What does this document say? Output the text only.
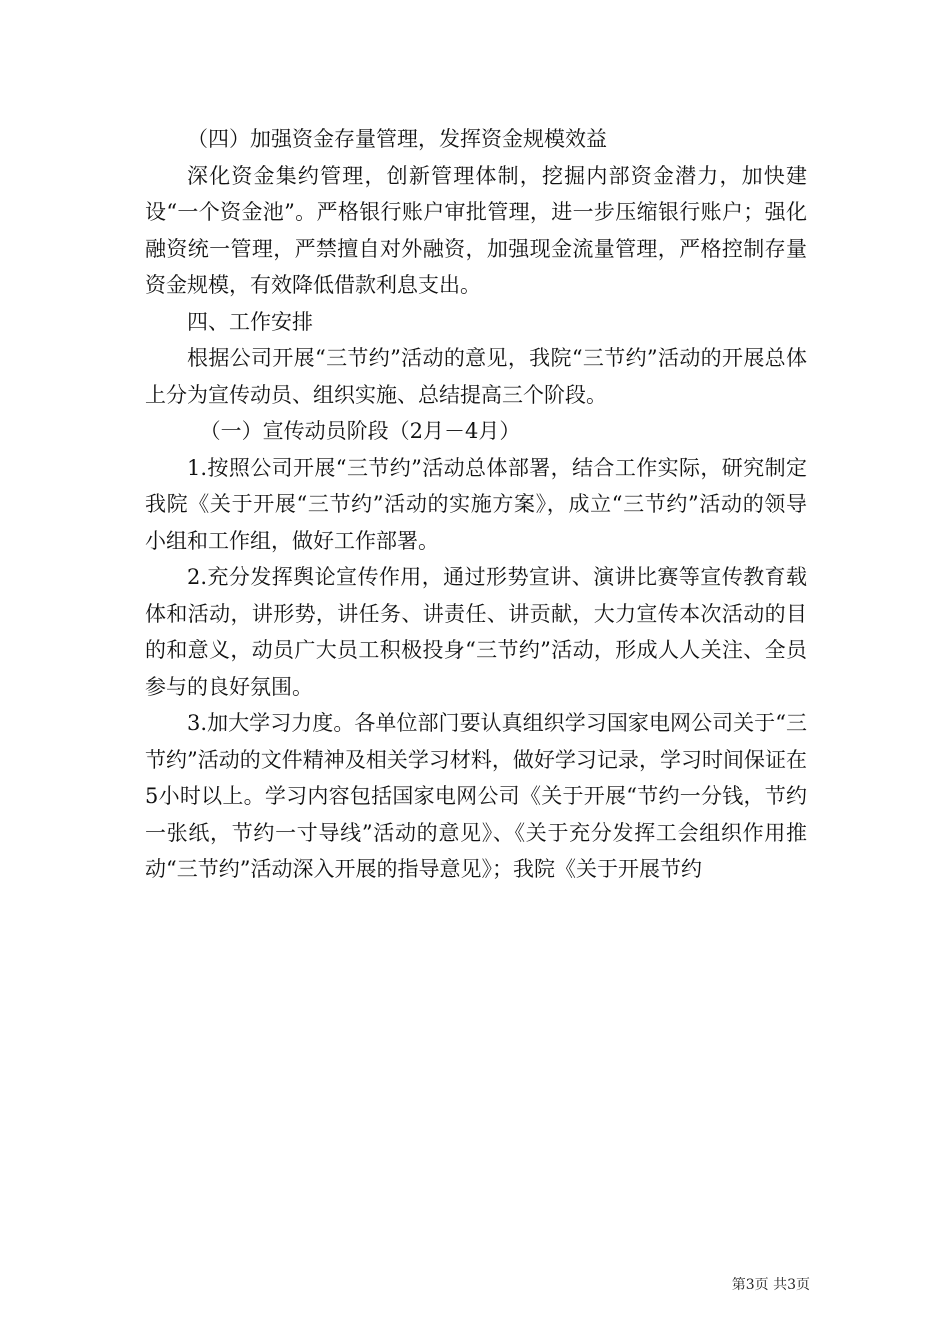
（四）加强资金存量管理，发挥资金规模效益

深化资金集约管理，创新管理体制，挖掘内部资金潜力，加快建设“一个资金池”。严格银行账户审批管理，进一步压缩银行账户；强化融资统一管理，严禁擅自对外融资，加强现金流量管理，严格控制存量资金规模，有效降低借款利息支出。

四、工作安排

根据公司开展“三节约”活动的意见，我院“三节约”活动的开展总体上分为宣传动员、组织实施、总结提高三个阶段。

（一）宣传动员阶段（2月－4月）

1.按照公司开展“三节约”活动总体部署，结合工作实际，研究制定我院《关于开展“三节约”活动的实施方案》，成立“三节约”活动的领导小组和工作组，做好工作部署。

2.充分发挥舆论宣传作用，通过形势宣讲、演讲比赛等宣传教育载体和活动，讲形势，讲任务、讲责任、讲贡献，大力宣传本次活动的目的和意义，动员广大员工积极投身“三节约”活动，形成人人关注、全员参与的良好氛围。

3.加大学习力度。各单位部门要认真组织学习国家电网公司关于“三节约”活动的文件精神及相关学习材料，做好学习记录，学习时间保证在5小时以上。学习内容包括国家电网公司《关于开展“节约一分钱，节约一张纸，节约一寸导线”活动的意见》、《关于充分发挥工会组织作用推动“三节约”活动深入开展的指导意见》；我院《关于开展节约

第3页 共3页
